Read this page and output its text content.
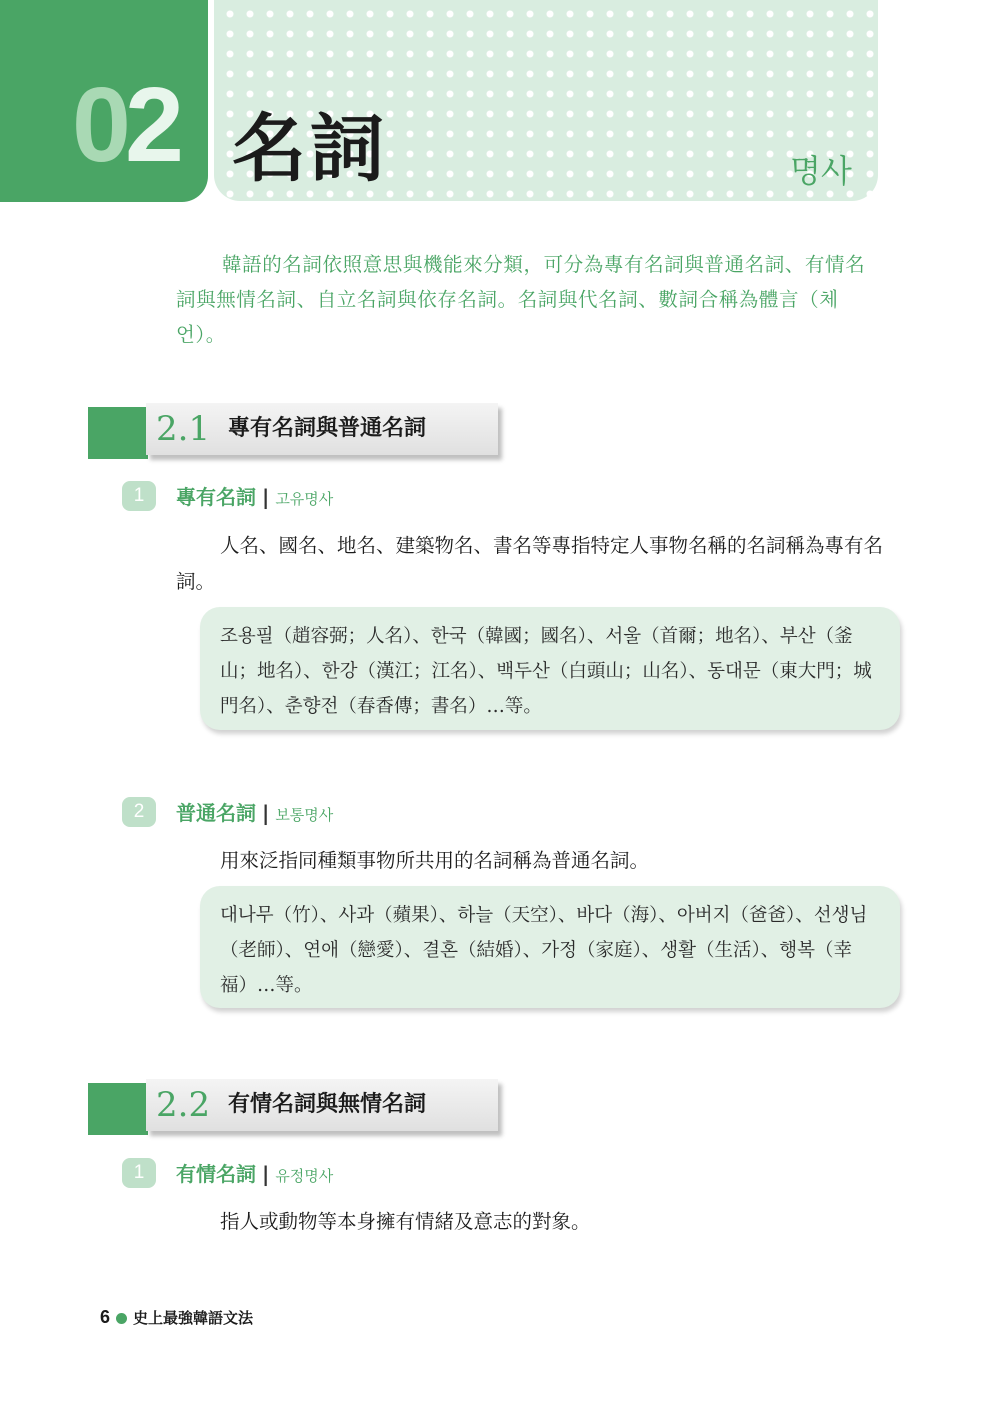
02 名詞	명사
韓語的名詞依照意思與機能來分類，可分為專有名詞與普通名詞、有情名詞與無情名詞、自立名詞與依存名詞。名詞與代名詞、數詞合稱為體言（체언）。
2.1 專有名詞與普通名詞
1	專有名詞 | 고유명사
人名、國名、地名、建築物名、書名等專指特定人事物名稱的名詞稱為專有名詞。
조용필（趙容弼；人名）、한국（韓國；國名）、서울（首爾；地名）、부산（釜山；地名）、한강（漢江；江名）、백두산（白頭山；山名）、동대문（東大門；城門名）、춘향전（春香傳；書名）…等。
2	普通名詞 | 보통명사
用來泛指同種類事物所共用的名詞稱為普通名詞。
대나무（竹）、사과（蘋果）、하늘（天空）、바다（海）、아버지（爸爸）、선생님（老師）、연애（戀愛）、결혼（結婚）、가정（家庭）、생활（生活）、행복（幸福）…等。
2.2 有情名詞與無情名詞
1	有情名詞 | 유정명사
指人或動物等本身擁有情緒及意志的對象。
6 史上最強韓語文法
